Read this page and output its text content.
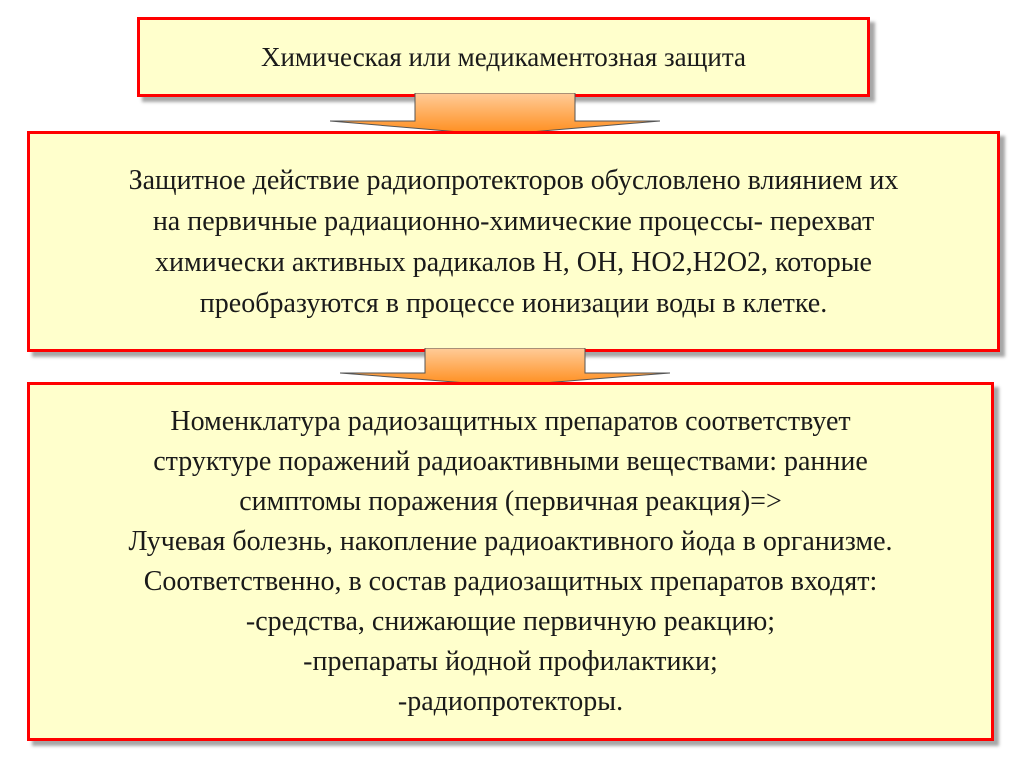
Химическая или медикаментозная защита
Защитное действие радиопротекторов обусловлено влиянием их
на первичные радиационно-химические процессы- перехват
химически активных радикалов Н, ОН, НО2,Н2О2, которые
преобразуются в процессе ионизации воды в клетке.
Номенклатура радиозащитных препаратов соответствует
структуре поражений радиоактивными веществами: ранние
симптомы поражения (первичная реакция)=>
Лучевая болезнь, накопление радиоактивного йода в организме.
Соответственно, в состав радиозащитных препаратов входят:
-средства, снижающие первичную реакцию;
-препараты йодной профилактики;
-радиопротекторы.
